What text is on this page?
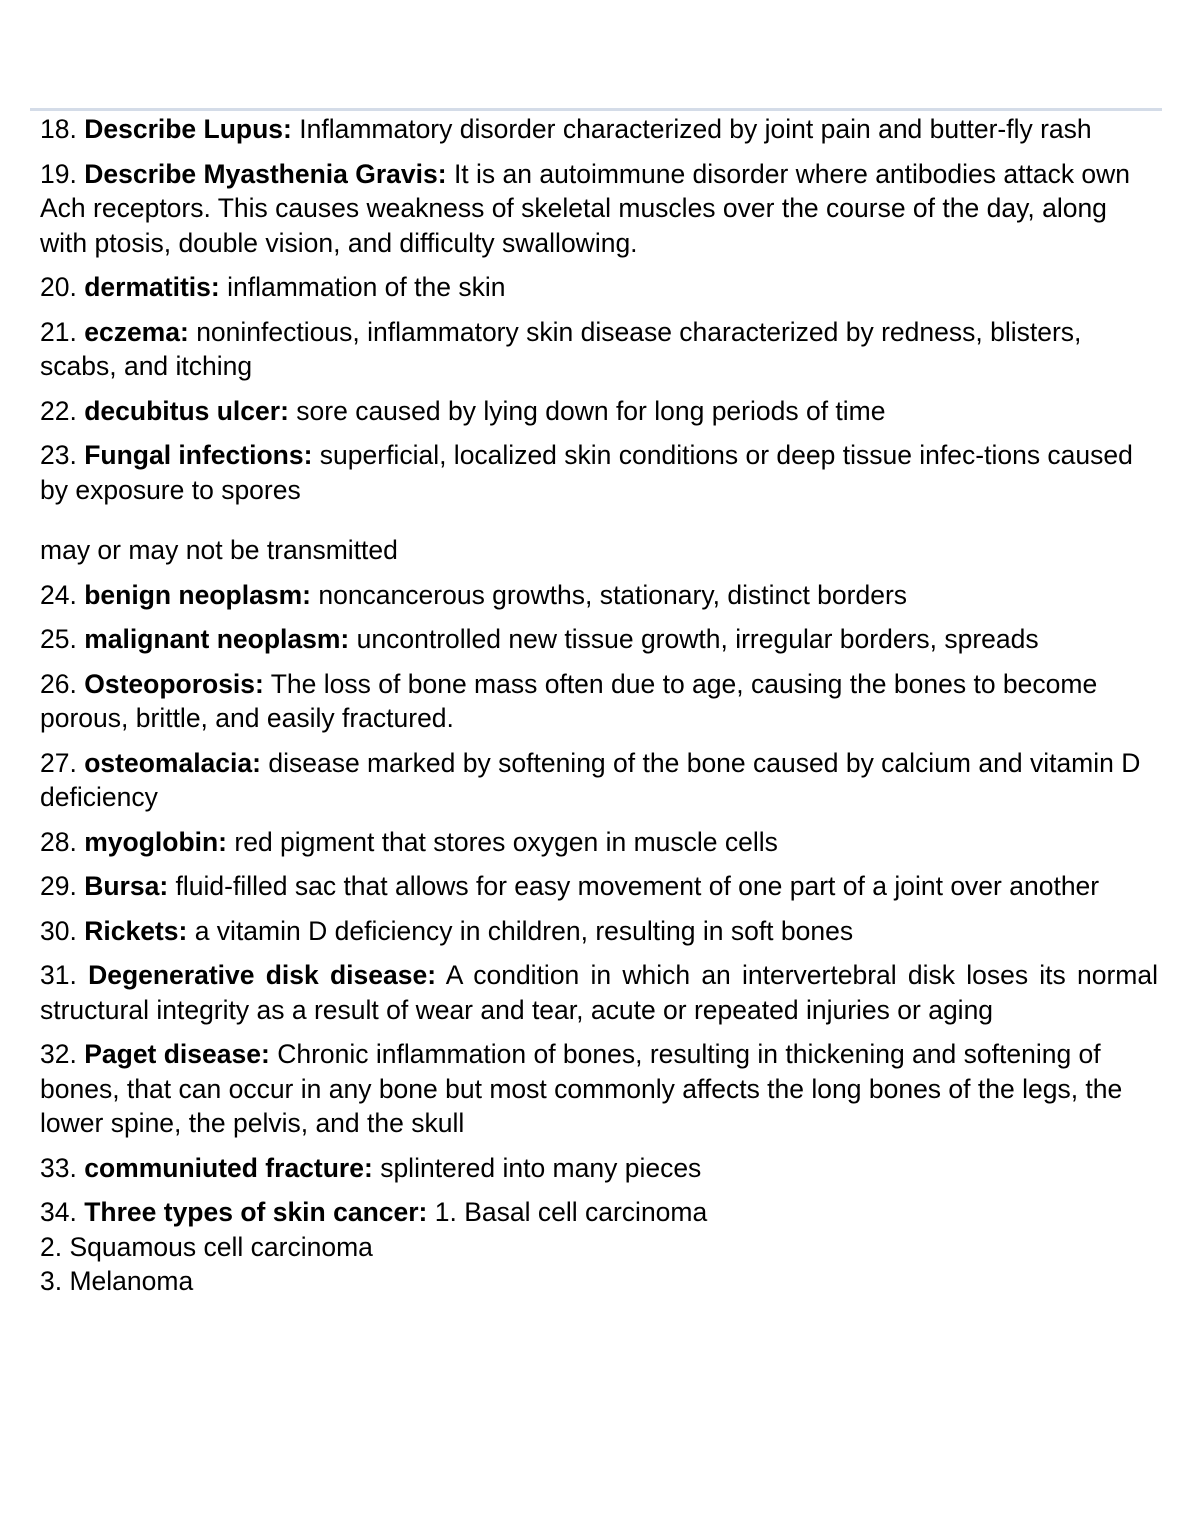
18. Describe Lupus: Inflammatory disorder characterized by joint pain and butter-fly rash

19. Describe Myasthenia Gravis: It is an autoimmune disorder where antibodies attack own Ach receptors. This causes weakness of skeletal muscles over the course of the day, along with ptosis, double vision, and difficulty swallowing.

20. dermatitis: inflammation of the skin

21. eczema: noninfectious, inflammatory skin disease characterized by redness, blisters, scabs, and itching

22. decubitus ulcer: sore caused by lying down for long periods of time

23. Fungal infections: superficial, localized skin conditions or deep tissue infec-tions caused by exposure to spores

may or may not be transmitted

24. benign neoplasm: noncancerous growths, stationary, distinct borders

25. malignant neoplasm: uncontrolled new tissue growth, irregular borders, spreads

26. Osteoporosis: The loss of bone mass often due to age, causing the bones to become porous, brittle, and easily fractured.

27. osteomalacia: disease marked by softening of the bone caused by calcium and vitamin D deficiency

28. myoglobin: red pigment that stores oxygen in muscle cells

29. Bursa: fluid-filled sac that allows for easy movement of one part of a joint over another

30. Rickets: a vitamin D deficiency in children, resulting in soft bones

31. Degenerative disk disease: A condition in which an intervertebral disk loses its normal structural integrity as a result of wear and tear, acute or repeated injuries or aging

32. Paget disease: Chronic inflammation of bones, resulting in thickening and softening of bones, that can occur in any bone but most commonly affects the long bones of the legs, the lower spine, the pelvis, and the skull

33. communiuted fracture: splintered into many pieces

34. Three types of skin cancer: 1. Basal cell carcinoma

2. Squamous cell carcinoma

3. Melanoma
